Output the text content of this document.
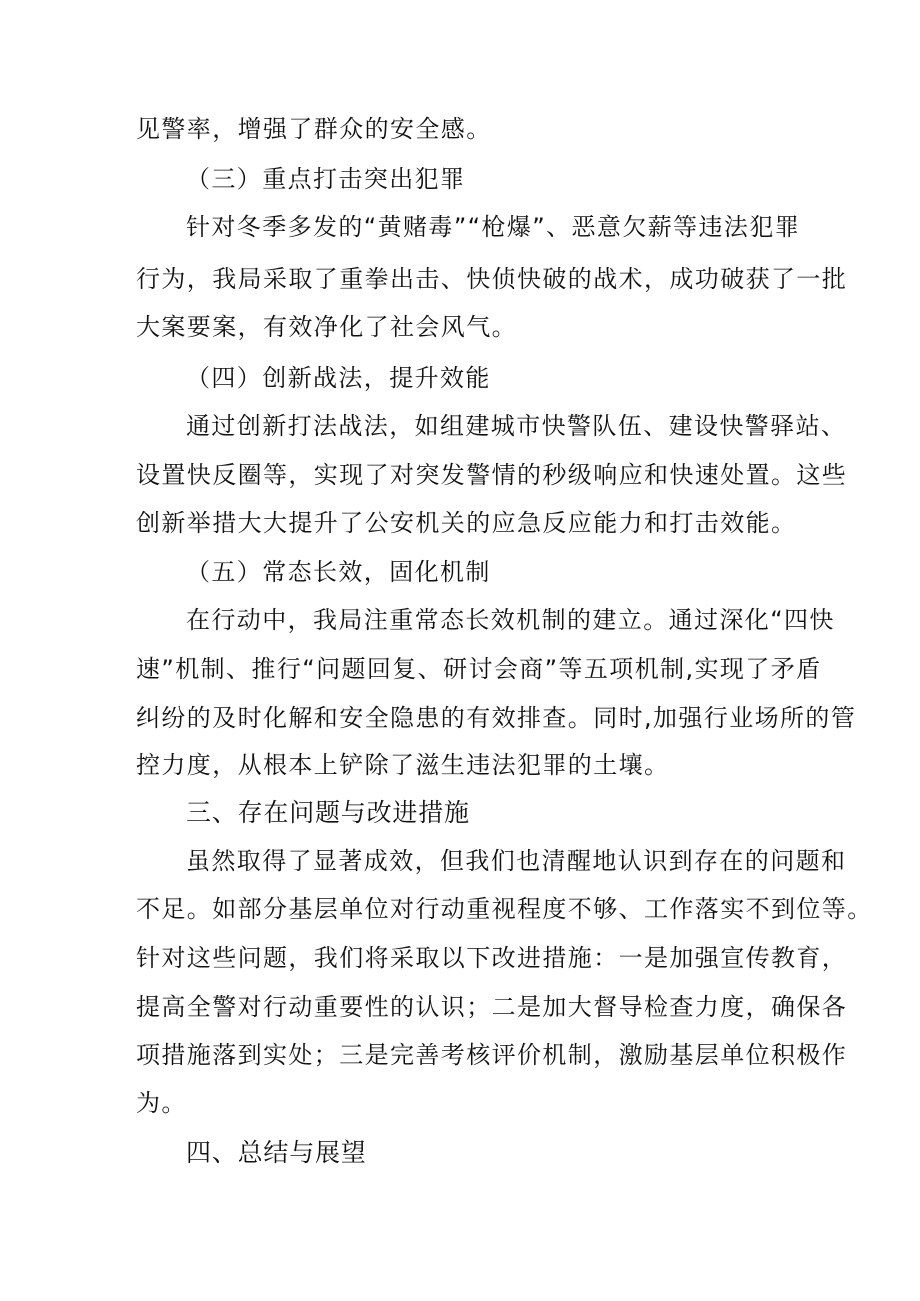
见警率，增强了群众的安全感。

（三）重点打击突出犯罪

针对冬季多发的“黄赌毒”“枪爆”、恶意欠薪等违法犯罪

行为，我局采取了重拳出击、快侦快破的战术，成功破获了一批

大案要案，有效净化了社会风气。

（四）创新战法，提升效能

通过创新打法战法，如组建城市快警队伍、建设快警驿站、

设置快反圈等，实现了对突发警情的秒级响应和快速处置。这些

创新举措大大提升了公安机关的应急反应能力和打击效能。

（五）常态长效，固化机制

在行动中，我局注重常态长效机制的建立。通过深化“四快

速”机制、推行“问题回复、研讨会商”等五项机制,实现了矛盾

纠纷的及时化解和安全隐患的有效排查。同时,加强行业场所的管

控力度，从根本上铲除了滋生违法犯罪的土壤。

三、存在问题与改进措施

虽然取得了显著成效，但我们也清醒地认识到存在的问题和

不足。如部分基层单位对行动重视程度不够、工作落实不到位等。

针对这些问题，我们将采取以下改进措施：一是加强宣传教育，

提高全警对行动重要性的认识；二是加大督导检查力度，确保各

项措施落到实处；三是完善考核评价机制，激励基层单位积极作

为。

四、总结与展望
